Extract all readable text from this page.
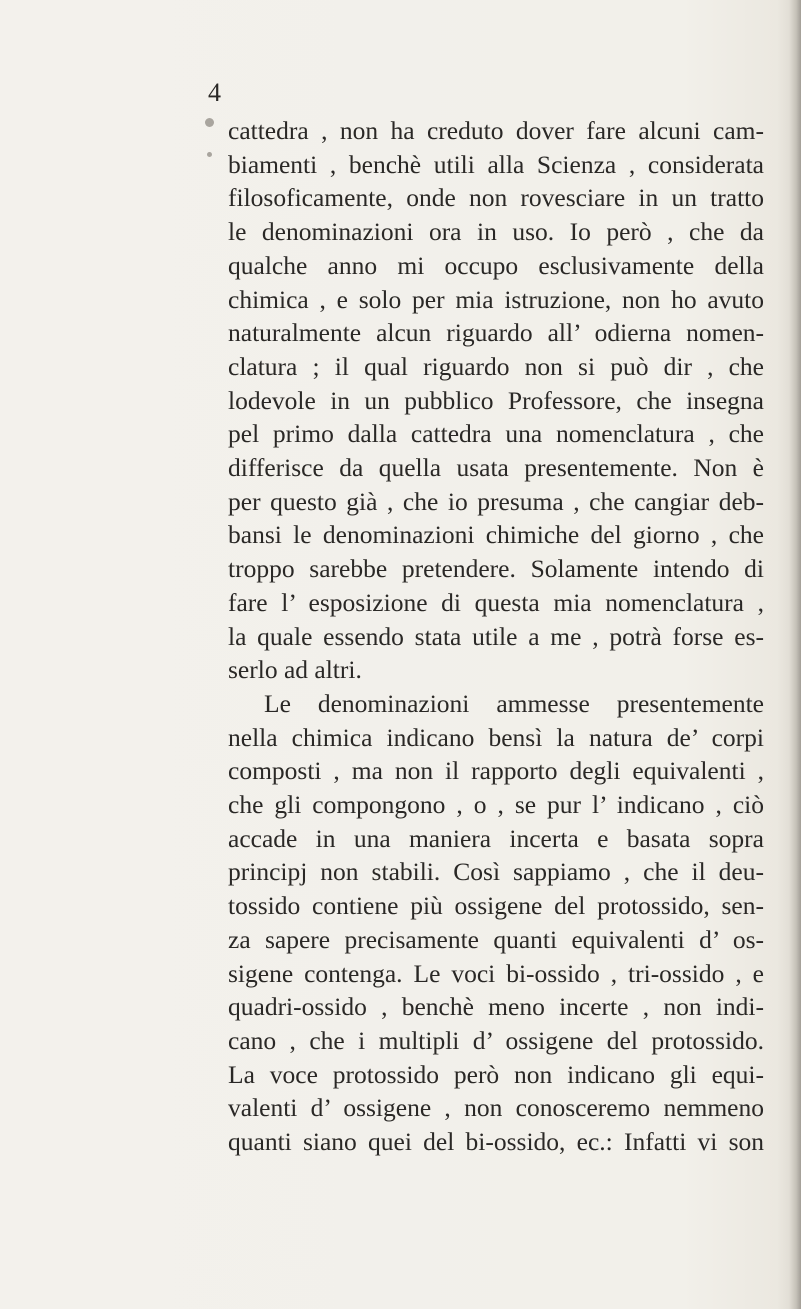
4
cattedra , non ha creduto dover fare alcuni cam-
biamenti , benchè utili alla Scienza , considerata
filosoficamente, onde non rovesciare in un tratto
le denominazioni ora in uso. Io però , che da
qualche anno mi occupo esclusivamente della
chimica , e solo per mia istruzione, non ho avuto
naturalmente alcun riguardo all’ odierna nomen-
clatura ; il qual riguardo non si può dir , che
lodevole in un pubblico Professore, che insegna
pel primo dalla cattedra una nomenclatura , che
differisce da quella usata presentemente. Non è
per questo già , che io presuma , che cangiar deb-
bansi le denominazioni chimiche del giorno , che
troppo sarebbe pretendere. Solamente intendo di
fare l’ esposizione di questa mia nomenclatura ,
la quale essendo stata utile a me , potrà forse es-
serlo ad altri.
Le denominazioni ammesse presentemente
nella chimica indicano bensì la natura de’ corpi
composti , ma non il rapporto degli equivalenti ,
che gli compongono , o , se pur l’ indicano , ciò
accade in una maniera incerta e basata sopra
principj non stabili. Così sappiamo , che il deu-
tossido contiene più ossigene del protossido, sen-
za sapere precisamente quanti equivalenti d’ os-
sigene contenga. Le voci bi-ossido , tri-ossido , e
quadri-ossido , benchè meno incerte , non indi-
cano , che i multipli d’ ossigene del protossido.
La voce protossido però non indicano gli equi-
valenti d’ ossigene , non conosceremo nemmeno
quanti siano quei del bi-ossido, ec.: Infatti vi son
